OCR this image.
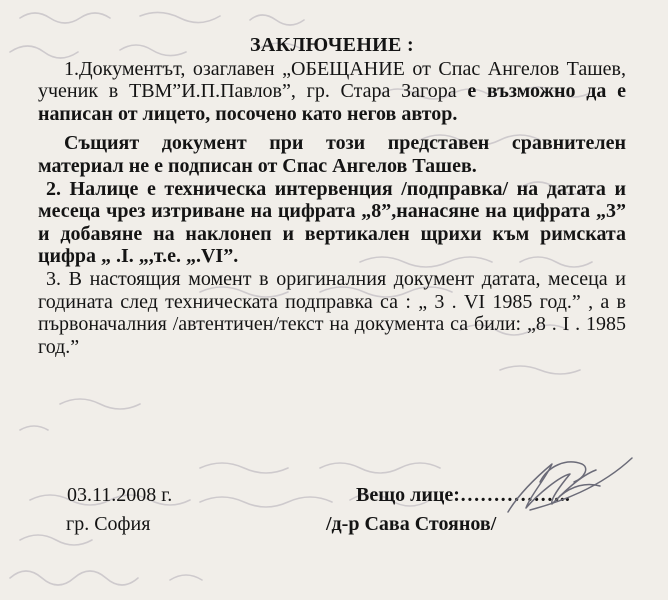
ЗАКЛЮЧЕНИЕ :

1.Документът, озаглавен „ОБЕЩАНИЕ от Спас Ангелов Ташев, ученик в ТВМ”И.П.Павлов”, гр. Стара Загора е възможно да е написан от лицето, посочено като негов автор.

Същият документ при този представен сравнителен материал не е подписан от Спас Ангелов Ташев.

2. Налице е техническа интервенция /подправка/ на датата и месеца чрез изтриване на цифрата „8”,нанасяне на цифрата „3” и добавяне на наклонеп и вертикален щрихи към римската цифра „ .I. „,т.е. „.VI”.

3. В настоящия момент в оригиналния документ датата, месеца и годината след техническата подправка са : „ 3 . VI 1985 год.” , а в първоначалния /автентичен/текст на документа са били: „8 . I . 1985 год.”

03.11.2008 г.
гр. София
Вещо лице:……………..
/д-р Сава Стоянов/
